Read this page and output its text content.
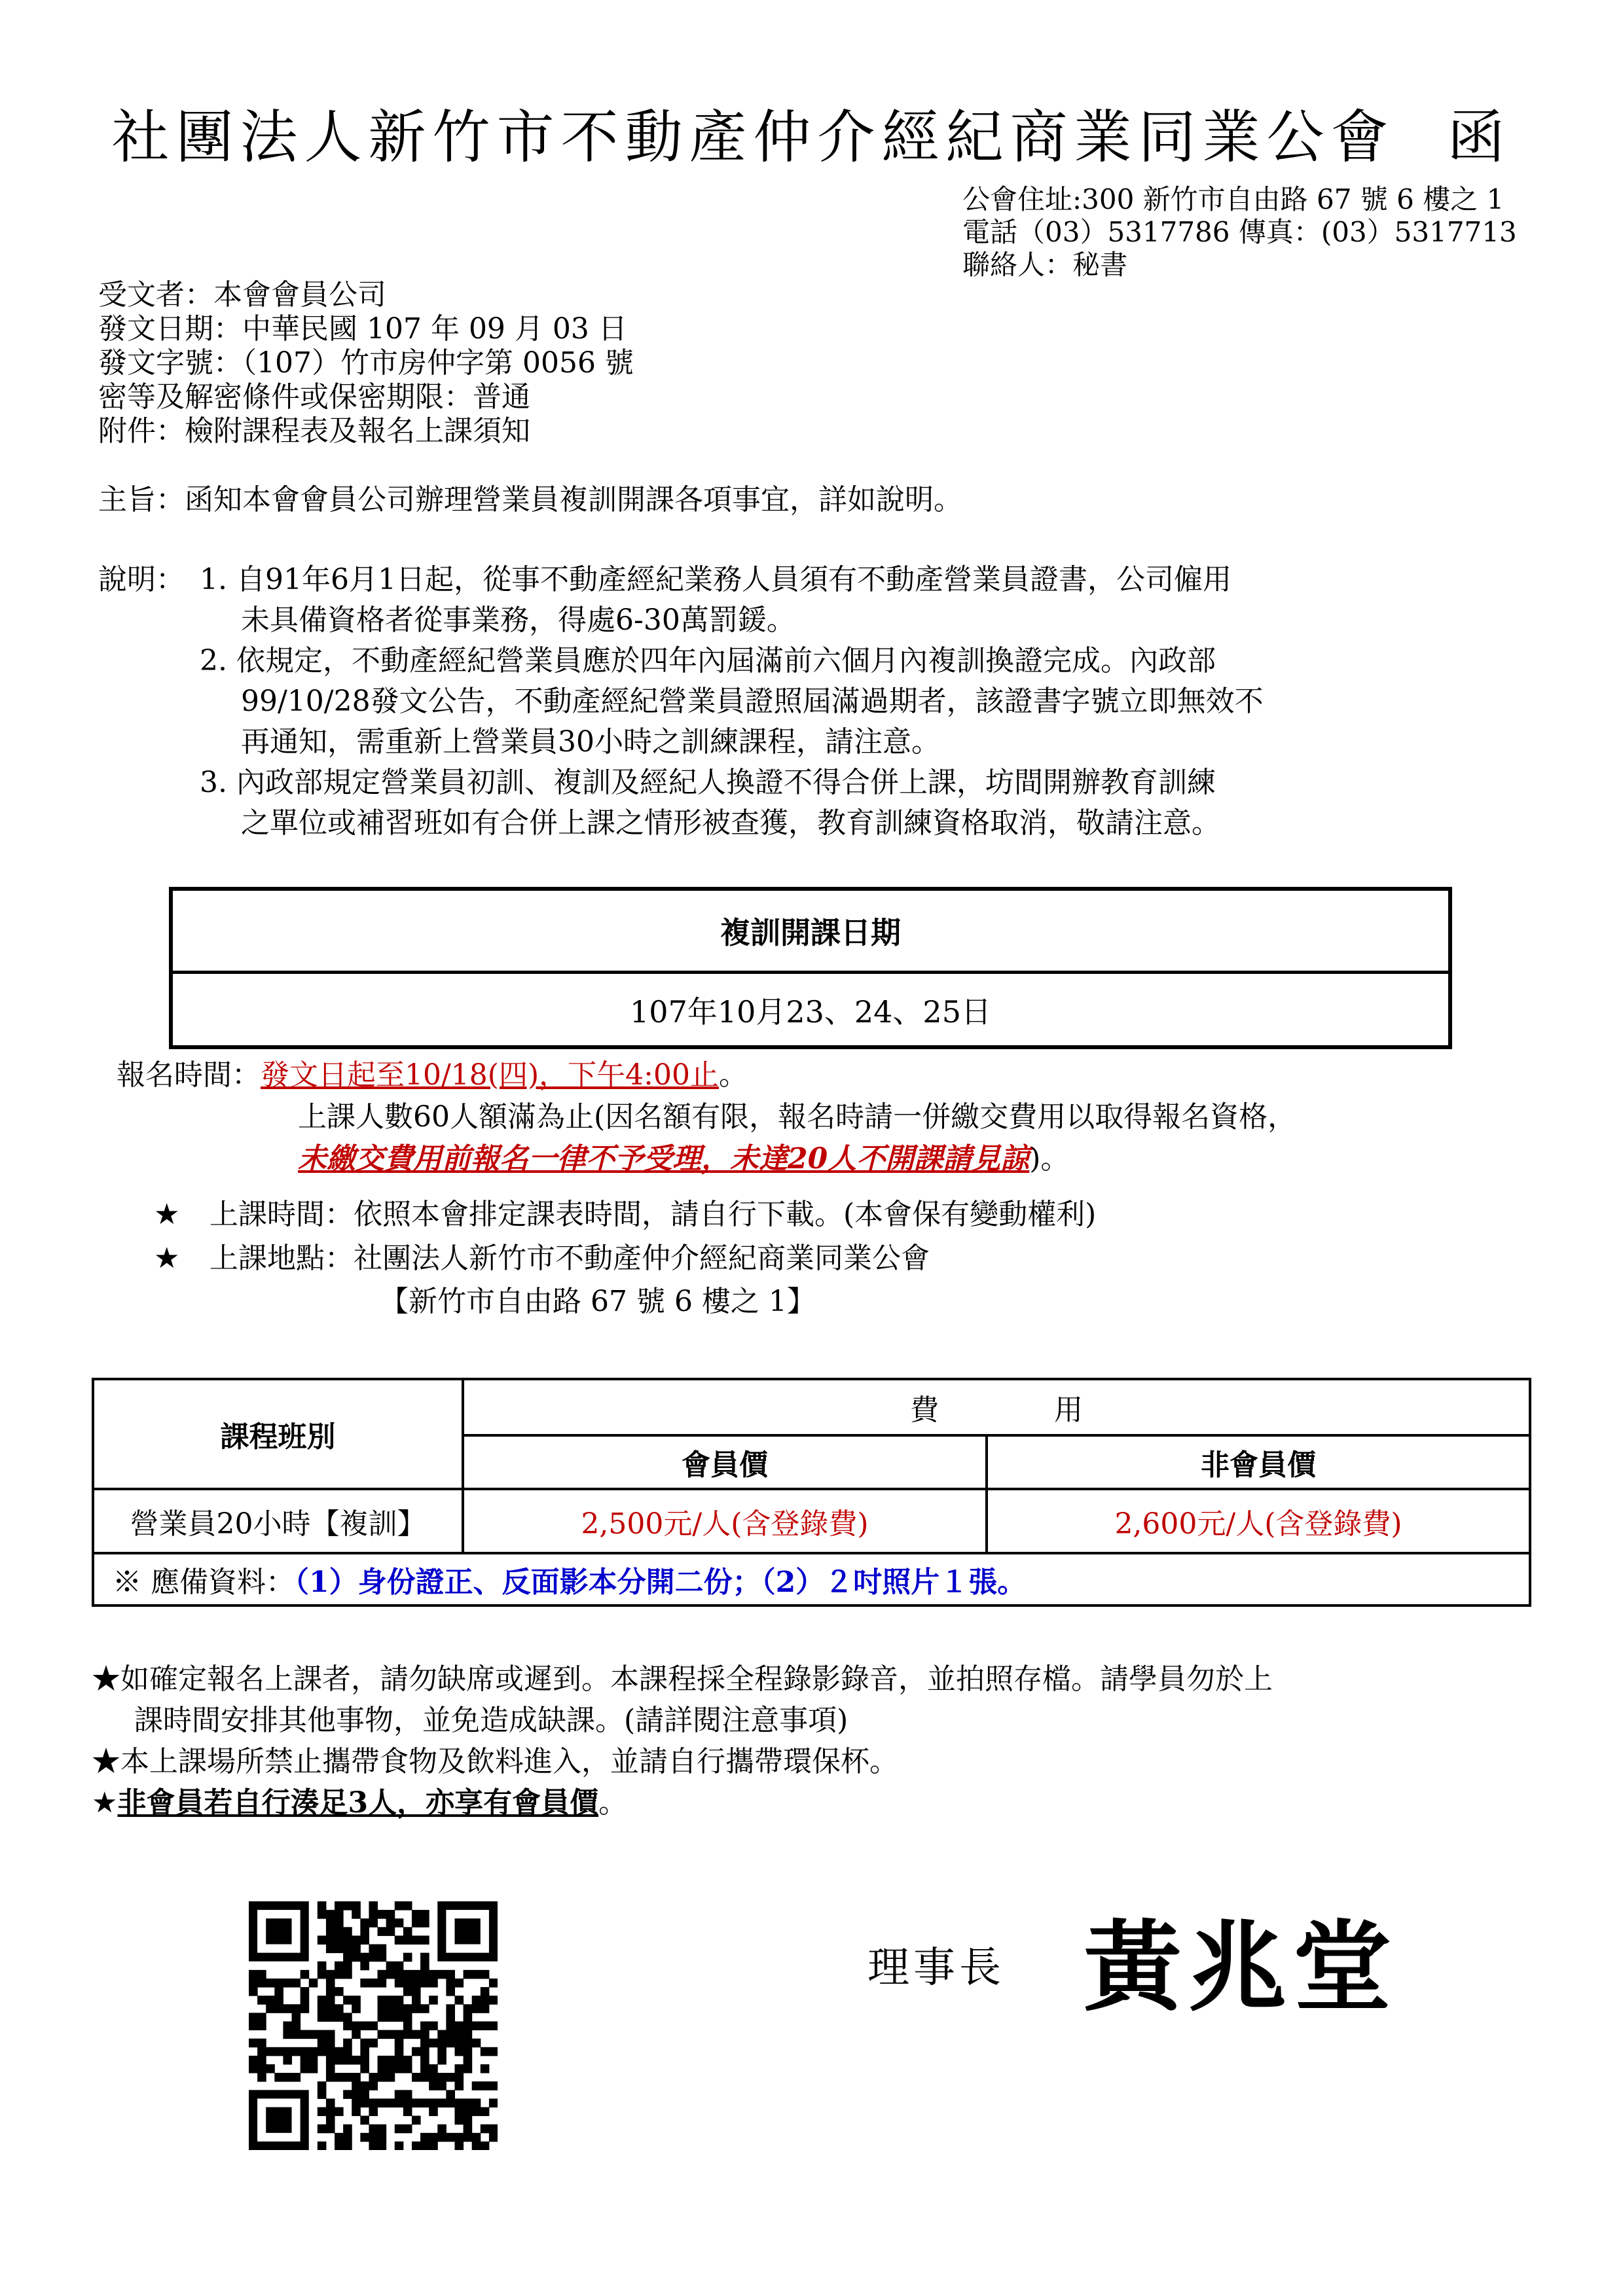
社團法人新竹市不動產仲介經紀商業同業公會 函
公會住址:300 新竹市自由路 67 號 6 樓之 1
電話（03）5317786 傳真：(03）5317713
聯絡人：秘書
受文者：本會會員公司
發文日期：中華民國 107 年 09 月 03 日
發文字號：（107）竹市房仲字第 0056 號
密等及解密條件或保密期限：普通
附件：檢附課程表及報名上課須知
主旨：函知本會會員公司辦理營業員複訓開課各項事宜，詳如說明。
說明： 1. 自91年6月1日起，從事不動產經紀業務人員須有不動產營業員證書，公司僱用
未具備資格者從事業務，得處6-30萬罰鍰。
2. 依規定，不動產經紀營業員應於四年內屆滿前六個月內複訓換證完成。內政部
99/10/28發文公告，不動產經紀營業員證照屆滿過期者，該證書字號立即無效不
再通知，需重新上營業員30小時之訓練課程，請注意。
3. 內政部規定營業員初訓、複訓及經紀人換證不得合併上課，坊間開辦教育訓練
之單位或補習班如有合併上課之情形被查獲，教育訓練資格取消，敬請注意。
複訓開課日期
107年10月23、24、25日
報名時間：發文日起至10/18(四)，下午4:00止。
上課人數60人額滿為止(因名額有限，報名時請一併繳交費用以取得報名資格，
未繳交費用前報名一律不予受理，未達20人不開課請見諒)。
★ 上課時間：依照本會排定課表時間，請自行下載。(本會保有變動權利)
★ 上課地點：社團法人新竹市不動產仲介經紀商業同業公會
【新竹市自由路 67 號 6 樓之 1】
課程班別	費　　　　用	
	會員價	非會員價
營業員20小時【複訓】	2,500元/人(含登錄費)	2,600元/人(含登錄費)
※ 應備資料：（1）身份證正、反面影本分開二份；（2）２吋照片１張。		
★如確定報名上課者，請勿缺席或遲到。本課程採全程錄影錄音，並拍照存檔。請學員勿於上
課時間安排其他事物，並免造成缺課。(請詳閱注意事項)
★本上課場所禁止攜帶食物及飲料進入，並請自行攜帶環保杯。
★非會員若自行湊足3人，亦享有會員價。
理事長 黃兆堂
